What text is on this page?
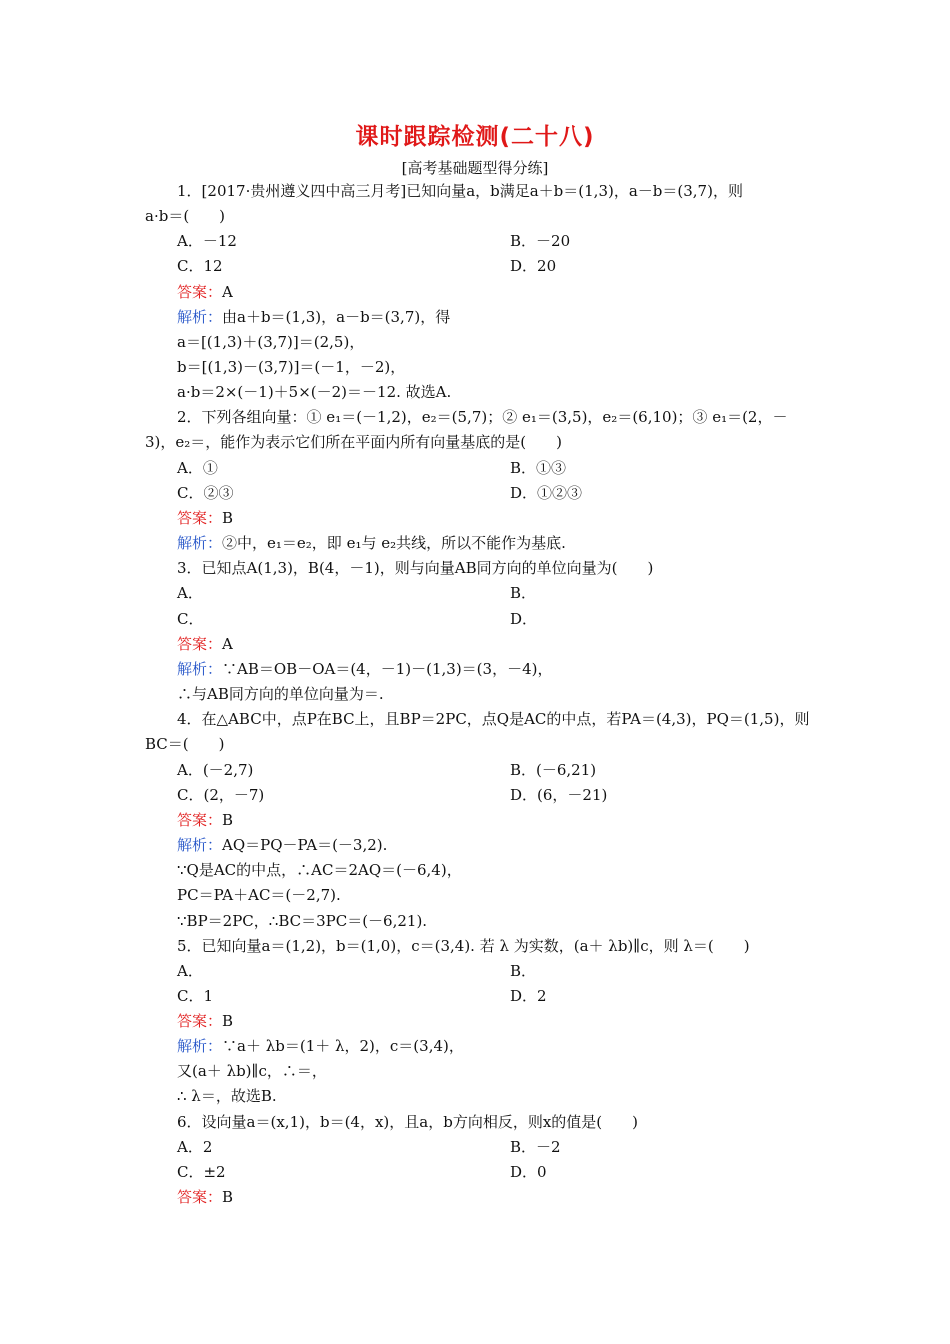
课时跟踪检测(二十八)
[高考基础题型得分练]
1．[2017·贵州遵义四中高三月考]已知向量a，b满足a＋b＝(1,3)，a－b＝(3,7)，则
a·b＝(　　)
A．－12	B．－20
C．12	D．20
答案：A
解析：由a＋b＝(1,3)，a－b＝(3,7)，得
a＝[(1,3)＋(3,7)]＝(2,5)，
b＝[(1,3)－(3,7)]＝(－1，－2)，
a·b＝2×(－1)＋5×(－2)＝－12. 故选A.
2．下列各组向量：① e₁＝(－1,2)，e₂＝(5,7)；② e₁＝(3,5)，e₂＝(6,10)；③ e₁＝(2，－
3)，e₂＝，能作为表示它们所在平面内所有向量基底的是(　　)
A．①	B．①③
C．②③	D．①②③
答案：B
解析：②中，e₁＝e₂，即 e₁与 e₂共线，所以不能作为基底.
3．已知点A(1,3)，B(4，－1)，则与向量AB同方向的单位向量为(　　)
A．	B．
C．	D．
答案：A
解析：∵AB＝OB－OA＝(4，－1)－(1,3)＝(3，－4)，
∴与AB同方向的单位向量为＝.
4．在△ABC中，点P在BC上，且BP＝2PC，点Q是AC的中点，若PA＝(4,3)，PQ＝(1,5)，则
BC＝(　　)
A．(－2,7)	B．(－6,21)
C．(2，－7)	D．(6，－21)
答案：B
解析：AQ＝PQ－PA＝(－3,2).
∵Q是AC的中点，∴AC＝2AQ＝(－6,4)，
PC＝PA＋AC＝(－2,7).
∵BP＝2PC，∴BC＝3PC＝(－6,21).
5．已知向量a＝(1,2)，b＝(1,0)，c＝(3,4). 若 λ 为实数，(a＋ λb)∥c，则 λ＝(　　)
A．	B．
C．1	D．2
答案：B
解析：∵a＋ λb＝(1＋ λ，2)，c＝(3,4)，
又(a＋ λb)∥c，∴＝，
∴ λ＝，故选B.
6．设向量a＝(x,1)，b＝(4，x)，且a，b方向相反，则x的值是(　　)
A．2	B．－2
C．±2	D．0
答案：B
